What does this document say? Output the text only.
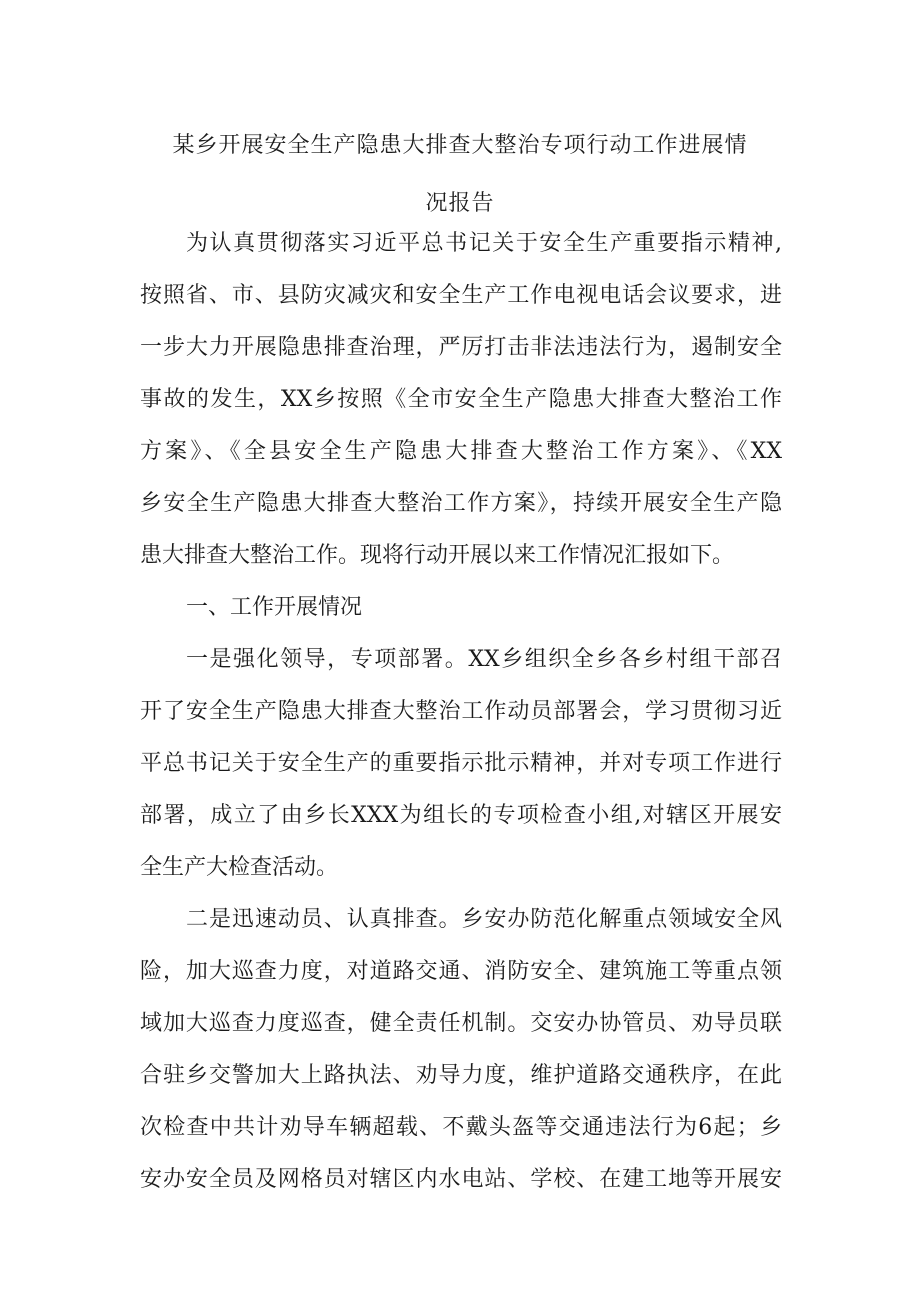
某乡开展安全生产隐患大排查大整治专项行动工作进展情
况报告
为认真贯彻落实习近平总书记关于安全生产重要指示精神,
按照省、市、县防灾减灾和安全生产工作电视电话会议要求，进
一步大力开展隐患排查治理，严厉打击非法违法行为，遏制安全
事故的发生，XX乡按照《全市安全生产隐患大排查大整治工作
方案》、《全县安全生产隐患大排查大整治工作方案》、《XX
乡安全生产隐患大排查大整治工作方案》，持续开展安全生产隐
患大排查大整治工作。现将行动开展以来工作情况汇报如下。
一、工作开展情况
一是强化领导，专项部署。XX乡组织全乡各乡村组干部召
开了安全生产隐患大排查大整治工作动员部署会，学习贯彻习近
平总书记关于安全生产的重要指示批示精神，并对专项工作进行
部署，成立了由乡长XXX为组长的专项检查小组,对辖区开展安
全生产大检查活动。
二是迅速动员、认真排查。乡安办防范化解重点领域安全风
险，加大巡查力度，对道路交通、消防安全、建筑施工等重点领
域加大巡查力度巡查，健全责任机制。交安办协管员、劝导员联
合驻乡交警加大上路执法、劝导力度，维护道路交通秩序，在此
次检查中共计劝导车辆超载、不戴头盔等交通违法行为6起；乡
安办安全员及网格员对辖区内水电站、学校、在建工地等开展安
